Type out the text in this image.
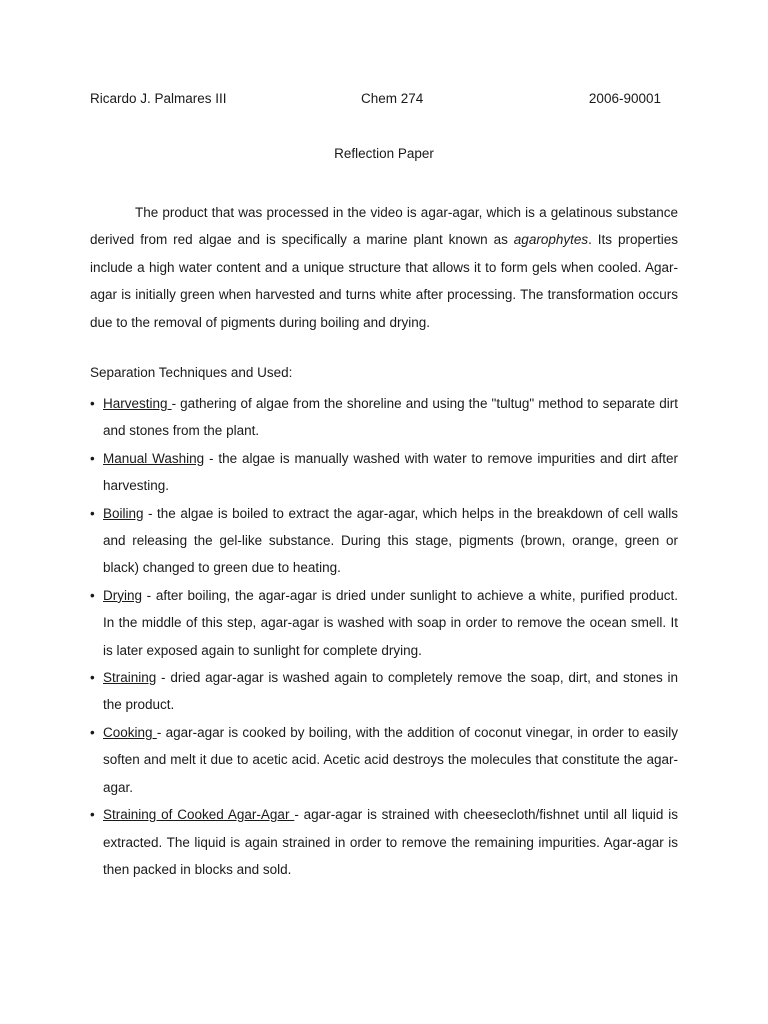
Ricardo J. Palmares III	Chem 274	2006-90001
Reflection Paper

The product that was processed in the video is agar-agar, which is a gelatinous substance derived from red algae and is specifically a marine plant known as agarophytes. Its properties include a high water content and a unique structure that allows it to form gels when cooled. Agar-agar is initially green when harvested and turns white after processing. The transformation occurs due to the removal of pigments during boiling and drying.

Separation Techniques and Used:
• Harvesting - gathering of algae from the shoreline and using the "tultug" method to separate dirt and stones from the plant.
• Manual Washing - the algae is manually washed with water to remove impurities and dirt after harvesting.
• Boiling - the algae is boiled to extract the agar-agar, which helps in the breakdown of cell walls and releasing the gel-like substance. During this stage, pigments (brown, orange, green or black) changed to green due to heating.
• Drying - after boiling, the agar-agar is dried under sunlight to achieve a white, purified product. In the middle of this step, agar-agar is washed with soap in order to remove the ocean smell. It is later exposed again to sunlight for complete drying.
• Straining - dried agar-agar is washed again to completely remove the soap, dirt, and stones in the product.
• Cooking - agar-agar is cooked by boiling, with the addition of coconut vinegar, in order to easily soften and melt it due to acetic acid. Acetic acid destroys the molecules that constitute the agar-agar.
• Straining of Cooked Agar-Agar - agar-agar is strained with cheesecloth/fishnet until all liquid is extracted. The liquid is again strained in order to remove the remaining impurities. Agar-agar is then packed in blocks and sold.
